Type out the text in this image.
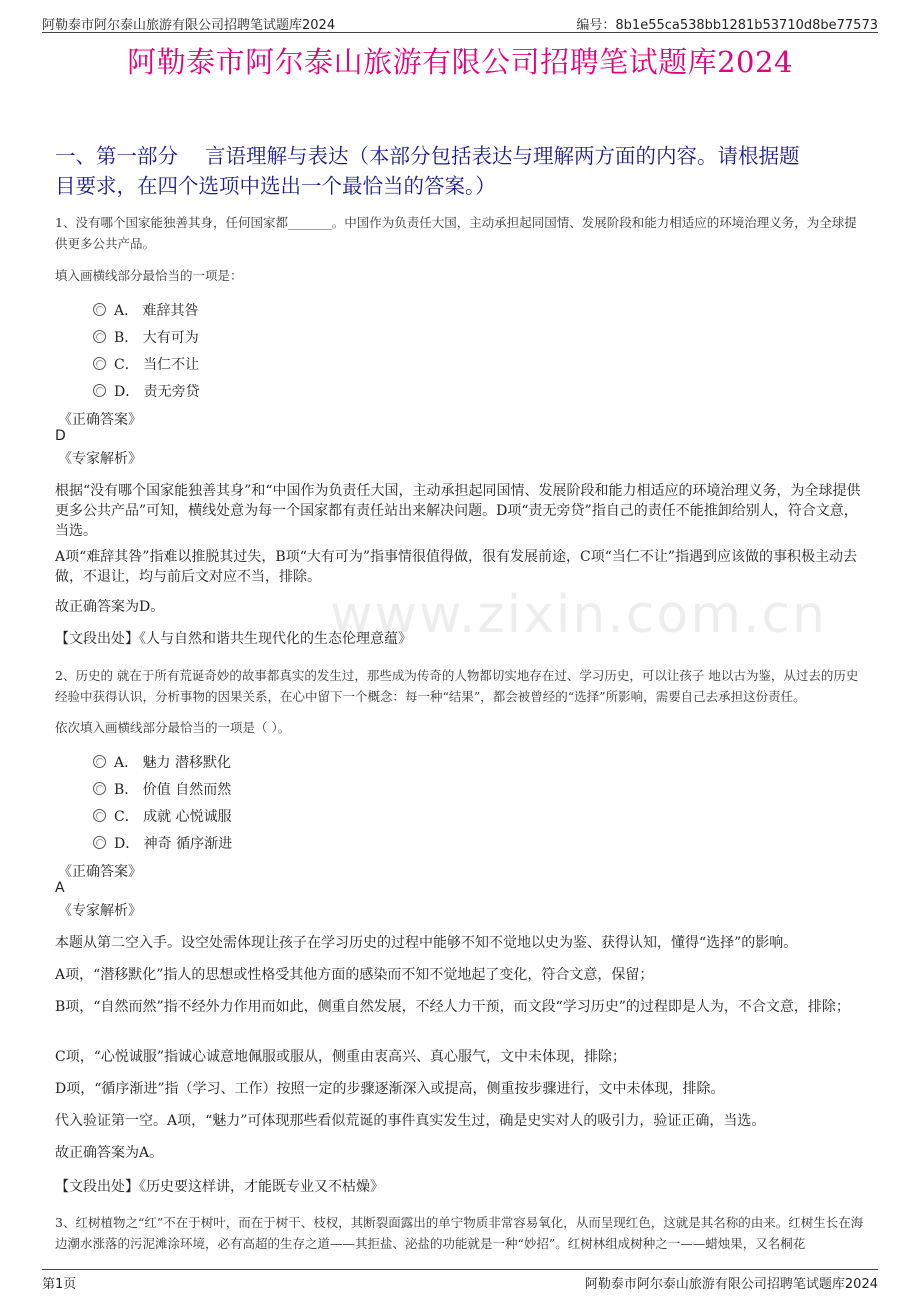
阿勒泰市阿尔泰山旅游有限公司招聘笔试题库2024	编号：8b1e55ca538bb1281b53710d8be77573
阿勒泰市阿尔泰山旅游有限公司招聘笔试题库2024
一、第一部分　 言语理解与表达（本部分包括表达与理解两方面的内容。请根据题
目要求，在四个选项中选出一个最恰当的答案。）
www.zixin.com.cn
1、没有哪个国家能独善其身，任何国家都_______。中国作为负责任大国，主动承担起同国情、发展阶段和能力相适应的环境治理义务，为全球提供更多公共产品。
填入画横线部分最恰当的一项是：
A． 难辞其咎
B． 大有可为
C． 当仁不让
D． 责无旁贷
《正确答案》
D
《专家解析》
根据“没有哪个国家能独善其身”和“中国作为负责任大国，主动承担起同国情、发展阶段和能力相适应的环境治理义务，为全球提供更多公共产品”可知，横线处意为每一个国家都有责任站出来解决问题。D项“责无旁贷”指自己的责任不能推卸给别人，符合文意，当选。
A项“难辞其咎”指难以推脱其过失，B项“大有可为”指事情很值得做，很有发展前途，C项“当仁不让”指遇到应该做的事积极主动去做，不退让，均与前后文对应不当，排除。
故正确答案为D。
【文段出处】《人与自然和谐共生现代化的生态伦理意蕴》
2、历史的 就在于所有荒诞奇妙的故事都真实的发生过，那些成为传奇的人物都切实地存在过、学习历史，可以让孩子 地以古为鉴，从过去的历史经验中获得认识，分析事物的因果关系，在心中留下一个概念：每一种“结果”，都会被曾经的“选择”所影响，需要自己去承担这份责任。
依次填入画横线部分最恰当的一项是（ ）。
A． 魅力 潜移默化
B． 价值 自然而然
C． 成就 心悦诚服
D． 神奇 循序渐进
《正确答案》
A
《专家解析》
本题从第二空入手。设空处需体现让孩子在学习历史的过程中能够不知不觉地以史为鉴、获得认知，懂得“选择”的影响。
A项，“潜移默化”指人的思想或性格受其他方面的感染而不知不觉地起了变化，符合文意，保留；
B项，“自然而然”指不经外力作用而如此，侧重自然发展，不经人力干预，而文段“学习历史”的过程即是人为，不合文意，排除；
C项，“心悦诚服”指诚心诚意地佩服或服从，侧重由衷高兴、真心服气，文中未体现，排除；
D项，“循序渐进”指（学习、工作）按照一定的步骤逐渐深入或提高，侧重按步骤进行，文中未体现，排除。
代入验证第一空。A项，“魅力”可体现那些看似荒诞的事件真实发生过，确是史实对人的吸引力，验证正确，当选。
故正确答案为A。
【文段出处】《历史要这样讲，才能既专业又不枯燥》
3、红树植物之“红”不在于树叶，而在于树干、枝杈，其断裂面露出的单宁物质非常容易氧化，从而呈现红色，这就是其名称的由来。红树生长在海边潮水涨落的污泥滩涂环境，必有高超的生存之道——其拒盐、泌盐的功能就是一种“妙招”。红树林组成树种之一——蜡烛果，又名桐花
第1页	阿勒泰市阿尔泰山旅游有限公司招聘笔试题库2024
